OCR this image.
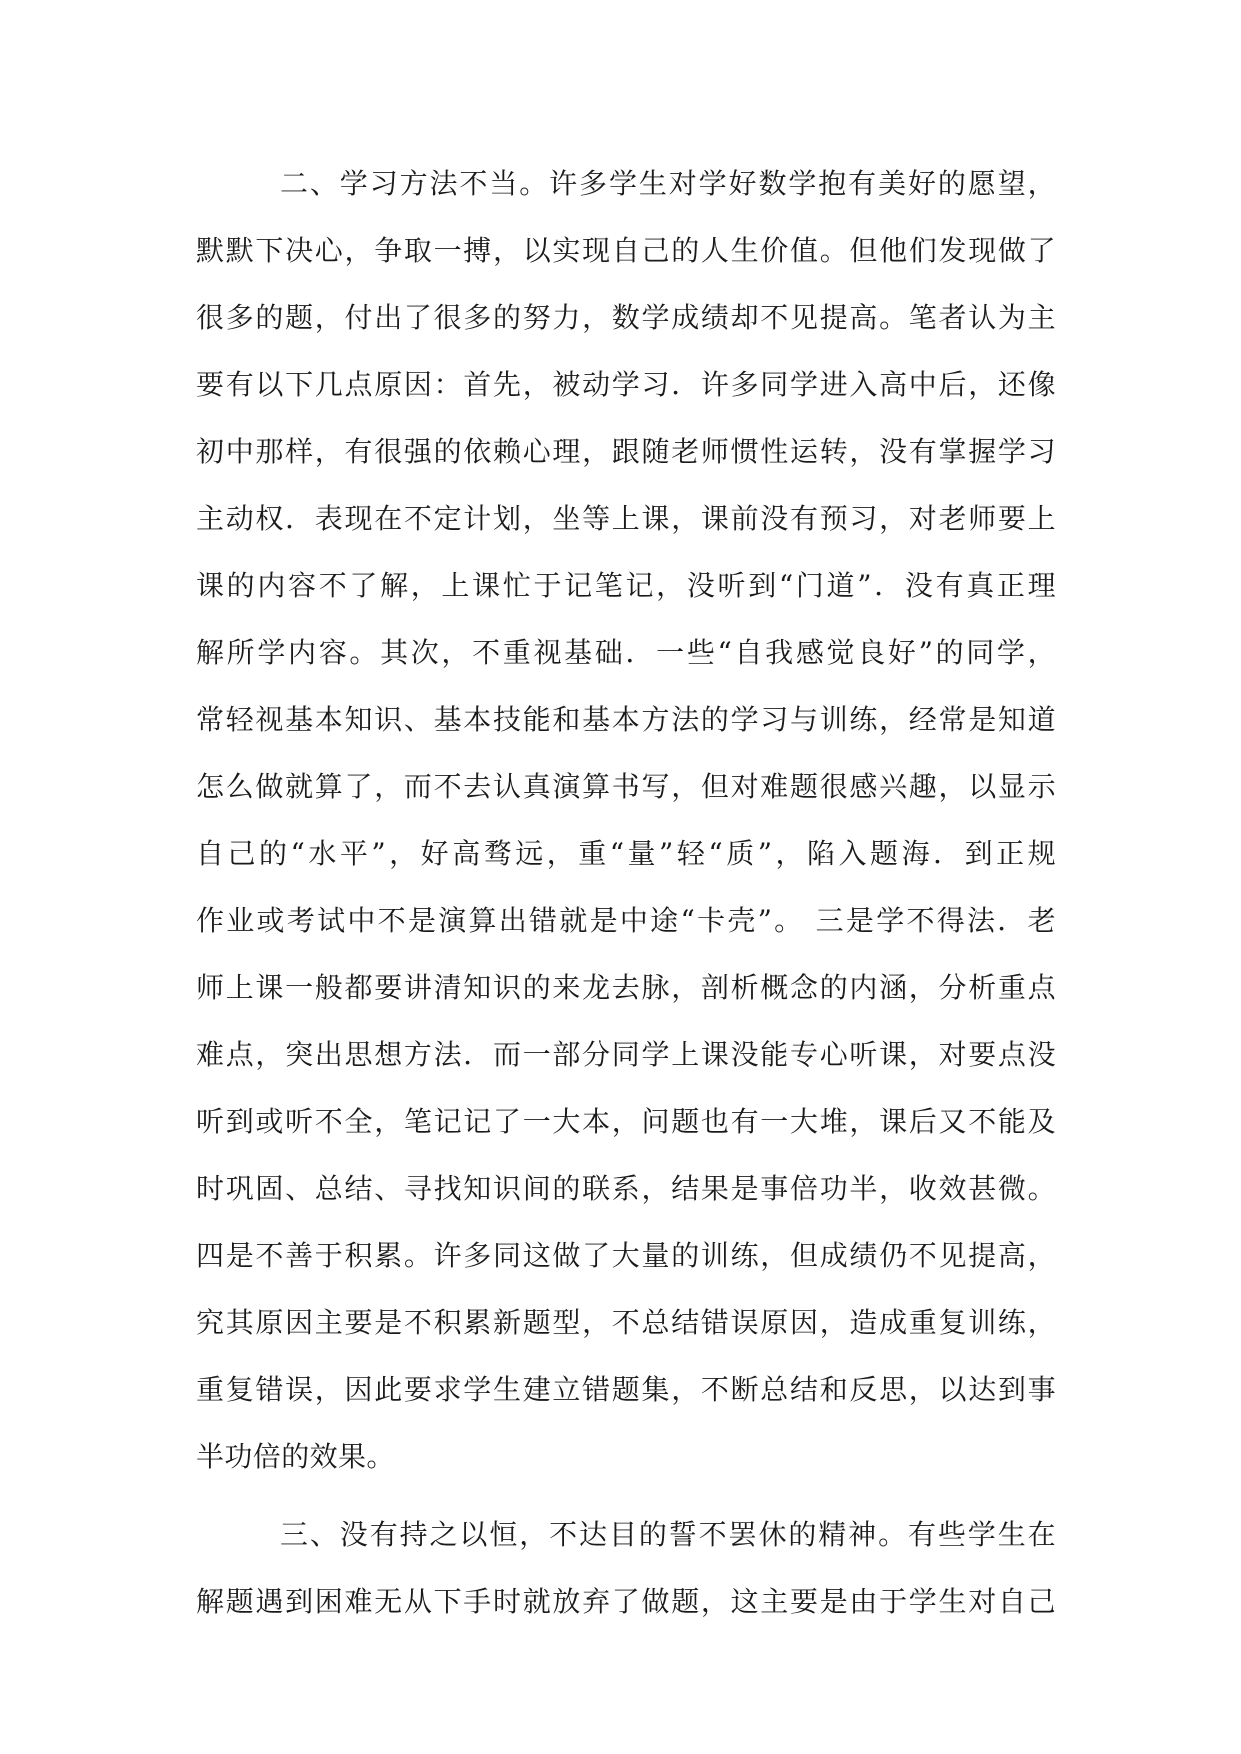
二、学习方法不当。许多学生对学好数学抱有美好的愿望，

默默下决心，争取一搏，以实现自己的人生价值。但他们发现做了

很多的题，付出了很多的努力，数学成绩却不见提高。笔者认为主

要有以下几点原因：首先，被动学习．许多同学进入高中后，还像

初中那样，有很强的依赖心理，跟随老师惯性运转，没有掌握学习

主动权．表现在不定计划，坐等上课，课前没有预习，对老师要上

课的内容不了解，上课忙于记笔记，没听到“门道”．没有真正理

解所学内容。其次，不重视基础．一些“自我感觉良好”的同学，

常轻视基本知识、基本技能和基本方法的学习与训练，经常是知道

怎么做就算了，而不去认真演算书写，但对难题很感兴趣，以显示

自己的“水平”，好高骛远，重“量”轻“质”，陷入题海．到正规

作业或考试中不是演算出错就是中途“卡壳”。 三是学不得法．老

师上课一般都要讲清知识的来龙去脉，剖析概念的内涵，分析重点

难点，突出思想方法．而一部分同学上课没能专心听课，对要点没

听到或听不全，笔记记了一大本，问题也有一大堆，课后又不能及

时巩固、总结、寻找知识间的联系，结果是事倍功半，收效甚微。

四是不善于积累。许多同这做了大量的训练，但成绩仍不见提高，

究其原因主要是不积累新题型，不总结错误原因，造成重复训练，

重复错误，因此要求学生建立错题集，不断总结和反思，以达到事

半功倍的效果。

三、没有持之以恒，不达目的誓不罢休的精神。有些学生在

解题遇到困难无从下手时就放弃了做题，这主要是由于学生对自己
